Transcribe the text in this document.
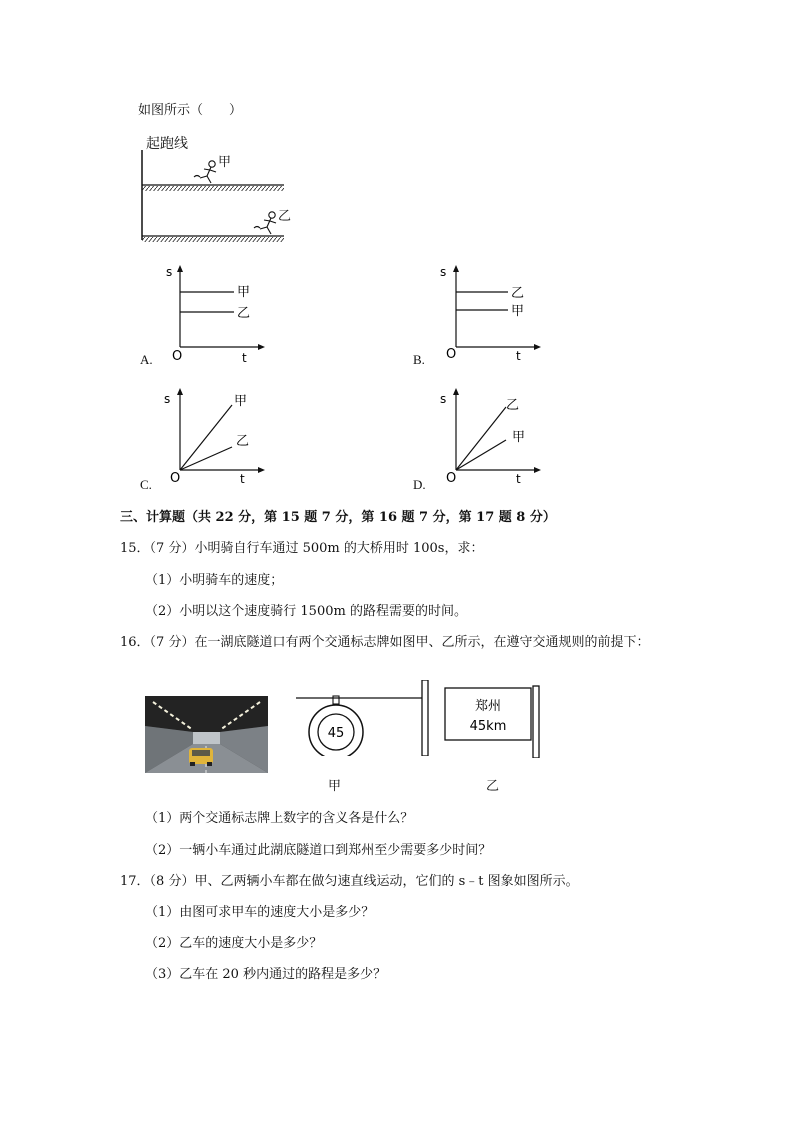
如图所示（　　）
起跑线
甲
乙
A.
s
t
O
甲
乙
B.
s
t
O
乙
甲
C.
s
t
O
甲
乙
D.
s
t
O
乙
甲
三、计算题（共 22 分，第 15 题 7 分，第 16 题 7 分，第 17 题 8 分）
15．（7 分）小明骑自行车通过 500m 的大桥用时 100s，求：
（1）小明骑车的速度；
（2）小明以这个速度骑行 1500m 的路程需要的时间。
16．（7 分）在一湖底隧道口有两个交通标志牌如图甲、乙所示，在遵守交通规则的前提下：
45
郑州
45km
甲	乙
（1）两个交通标志牌上数字的含义各是什么？
（2）一辆小车通过此湖底隧道口到郑州至少需要多少时间？
17．（8 分）甲、乙两辆小车都在做匀速直线运动，它们的 s﹣t 图象如图所示。
（1）由图可求甲车的速度大小是多少？
（2）乙车的速度大小是多少？
（3）乙车在 20 秒内通过的路程是多少？
